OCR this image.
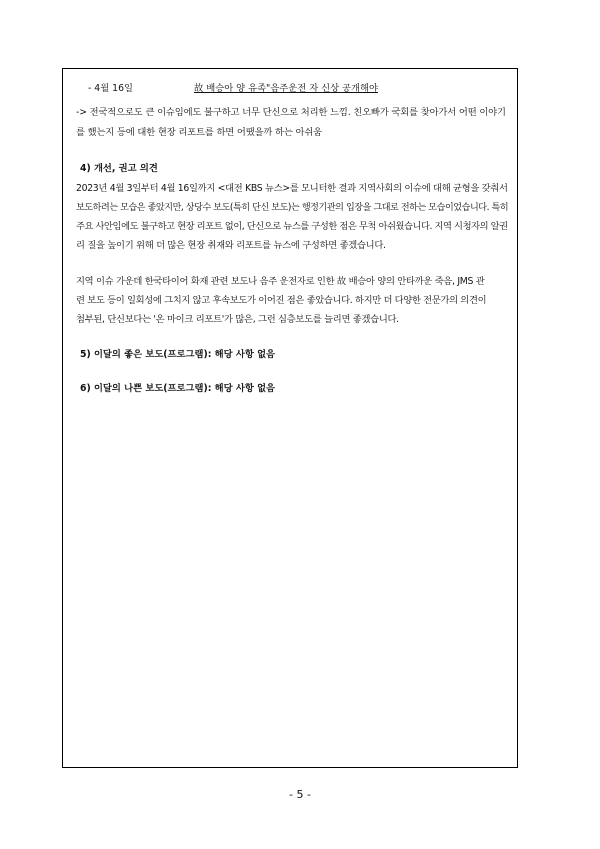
- 4월 16일	故 배승아 양 유족"음주운전 자 신상 공개해야
-> 전국적으로도 큰 이슈임에도 불구하고 너무 단신으로 처리한 느낌. 친오빠가 국회를 찾아가서 어떤 이야기
를 했는지 등에 대한 현장 리포트를 하면 어땠을까 하는 아쉬움
4) 개선, 권고 의견
2023년 4월 3일부터 4월 16일까지 <대전 KBS 뉴스>를 모니터한 결과 지역사회의 이슈에 대해 균형을 갖춰서
보도하려는 모습은 좋았지만, 상당수 보도(특히 단신 보도)는 행정기관의 입장을 그대로 전하는 모습이었습니다. 특히
주요 사안임에도 불구하고 현장 리포트 없이, 단신으로 뉴스를 구성한 점은 무척 아쉬웠습니다. 지역 시청자의 알권
리 질을 높이기 위해 더 많은 현장 취재와 리포트를 뉴스에 구성하면 좋겠습니다.
지역 이슈 가운데 한국타이어 화재 관련 보도나 음주 운전자로 인한 故 배승아 양의 안타까운 죽음, JMS 관
련 보도 등이 일회성에 그치지 않고 후속보도가 이어진 점은 좋았습니다. 하지만 더 다양한 전문가의 의견이
첨부된, 단신보다는 '온 마이크 리포트'가 많은, 그런 심층보도를 늘리면 좋겠습니다.
5) 이달의 좋은 보도(프로그램): 해당 사항 없음
6) 이달의 나쁜 보도(프로그램): 해당 사항 없음
- 5 -
